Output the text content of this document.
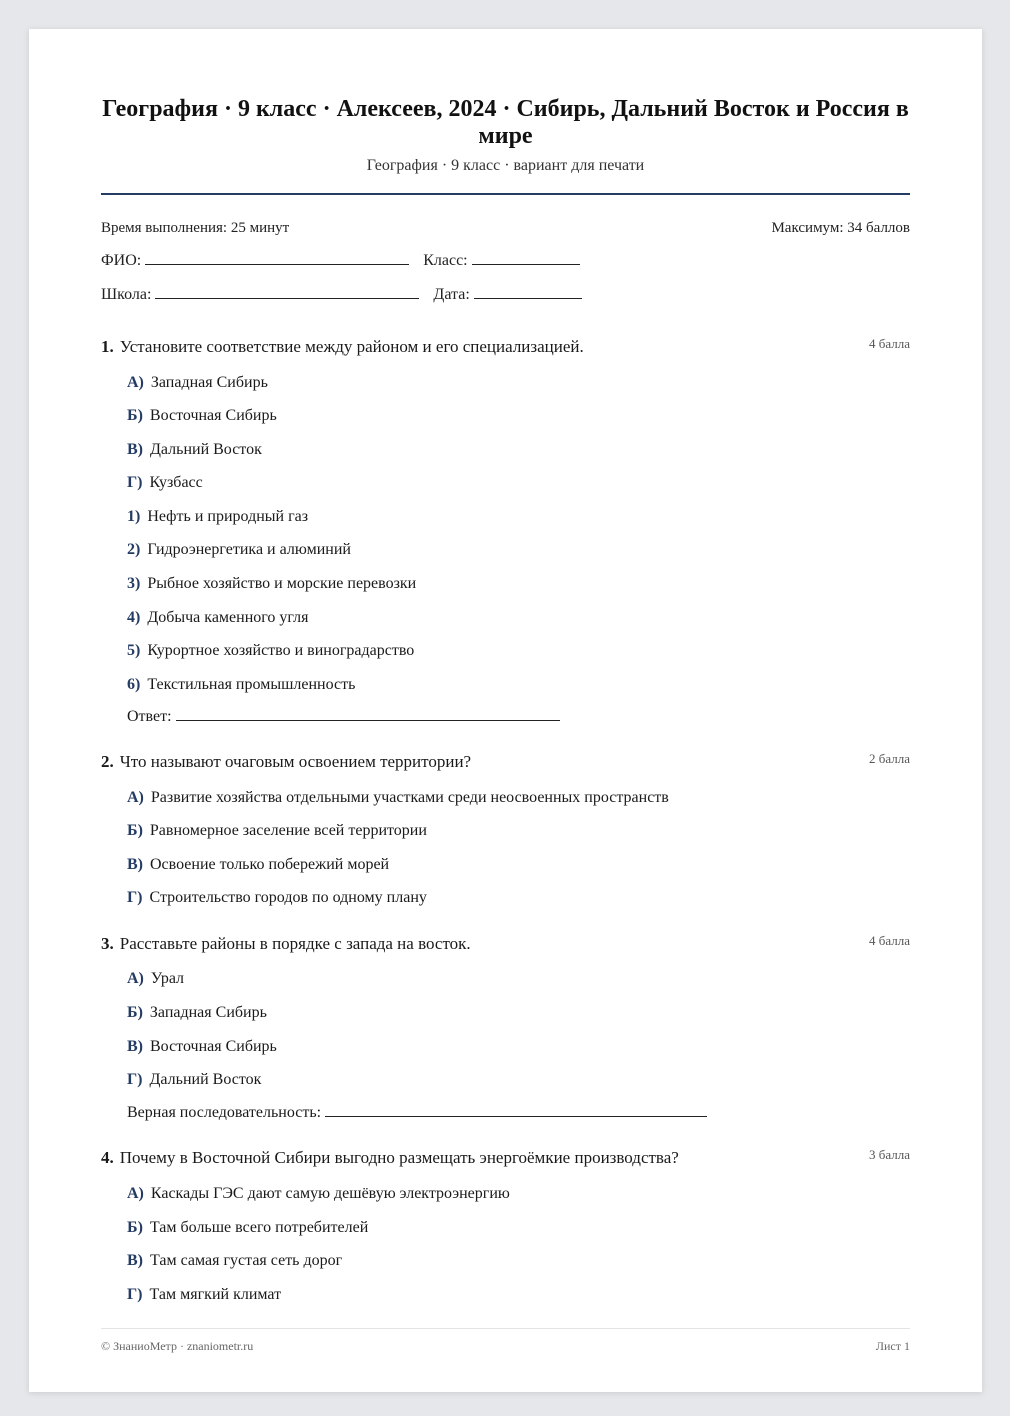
География · 9 класс · Алексеев, 2024 · Сибирь, Дальний Восток и Россия в мире
География · 9 класс · вариант для печати
Время выполнения: 25 минут	Максимум: 34 баллов
ФИО:	Класс:
Школа:	Дата:
1. Установите соответствие между районом и его специализацией.	4 балла
А) Западная Сибирь
Б) Восточная Сибирь
В) Дальний Восток
Г) Кузбасс
1) Нефть и природный газ
2) Гидроэнергетика и алюминий
3) Рыбное хозяйство и морские перевозки
4) Добыча каменного угля
5) Курортное хозяйство и виноградарство
6) Текстильная промышленность
Ответ:
2. Что называют очаговым освоением территории?	2 балла
А) Развитие хозяйства отдельными участками среди неосвоенных пространств
Б) Равномерное заселение всей территории
В) Освоение только побережий морей
Г) Строительство городов по одному плану
3. Расставьте районы в порядке с запада на восток.	4 балла
А) Урал
Б) Западная Сибирь
В) Восточная Сибирь
Г) Дальний Восток
Верная последовательность:
4. Почему в Восточной Сибири выгодно размещать энергоёмкие производства?	3 балла
А) Каскады ГЭС дают самую дешёвую электроэнергию
Б) Там больше всего потребителей
В) Там самая густая сеть дорог
Г) Там мягкий климат
© ЗнаниоМетр · znaniometr.ru	Лист 1
